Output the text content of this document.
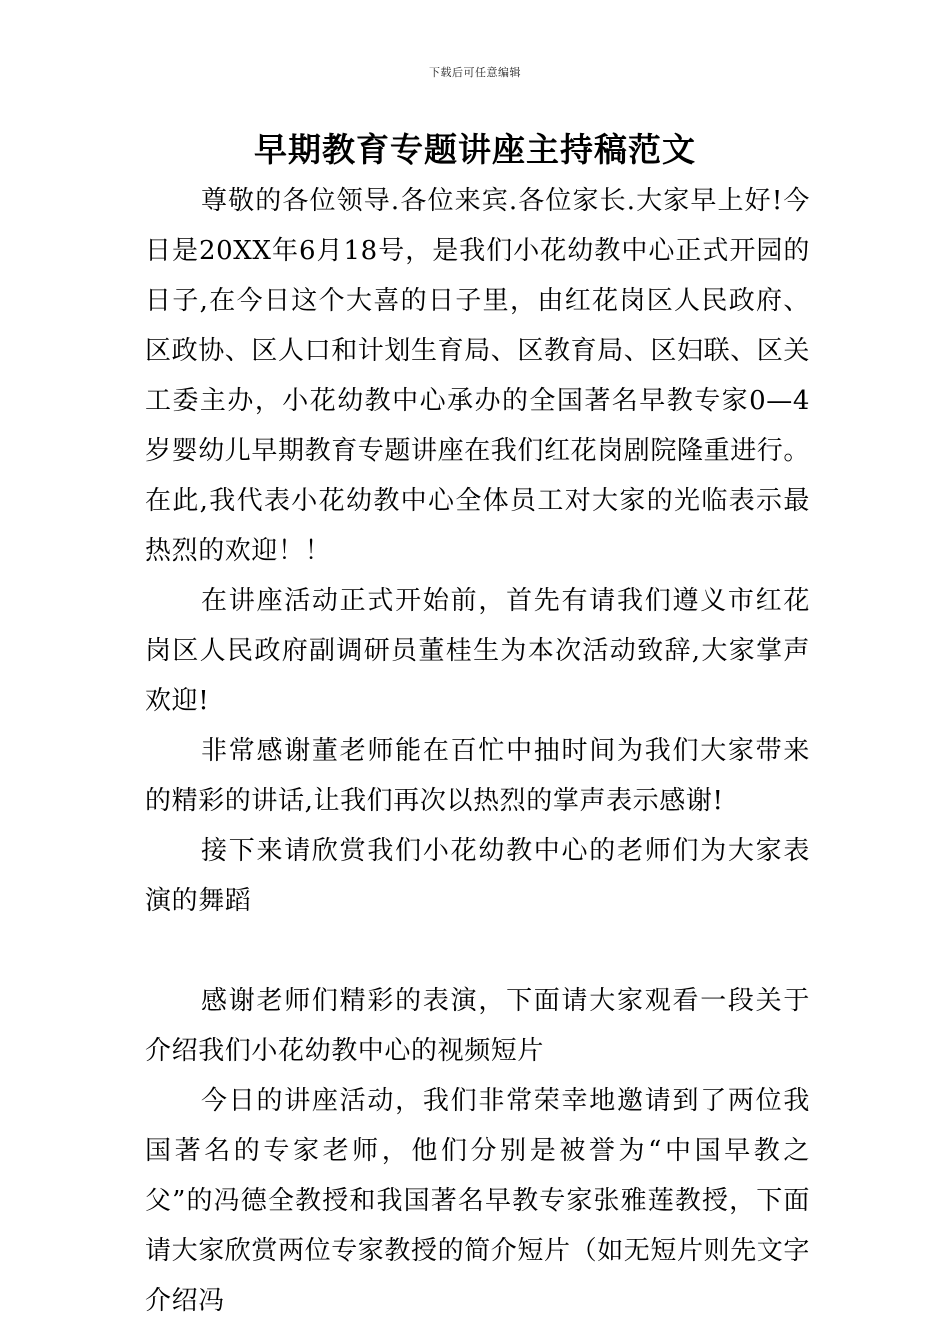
下载后可任意编辑
早期教育专题讲座主持稿范文

尊敬的各位领导.各位来宾.各位家长.大家早上好!今日是20XX年6月18号，是我们小花幼教中心正式开园的日子,在今日这个大喜的日子里，由红花岗区人民政府、区政协、区人口和计划生育局、区教育局、区妇联、区关工委主办，小花幼教中心承办的全国著名早教专家0—4岁婴幼儿早期教育专题讲座在我们红花岗剧院隆重进行。在此,我代表小花幼教中心全体员工对大家的光临表示最热烈的欢迎！！

在讲座活动正式开始前，首先有请我们遵义市红花岗区人民政府副调研员董桂生为本次活动致辞,大家掌声欢迎!

非常感谢董老师能在百忙中抽时间为我们大家带来的精彩的讲话,让我们再次以热烈的掌声表示感谢!

接下来请欣赏我们小花幼教中心的老师们为大家表演的舞蹈

感谢老师们精彩的表演，下面请大家观看一段关于介绍我们小花幼教中心的视频短片

今日的讲座活动，我们非常荣幸地邀请到了两位我国著名的专家老师，他们分别是被誉为“中国早教之父”的冯德全教授和我国著名早教专家张雅莲教授，下面请大家欣赏两位专家教授的简介短片（如无短片则先文字介绍冯
